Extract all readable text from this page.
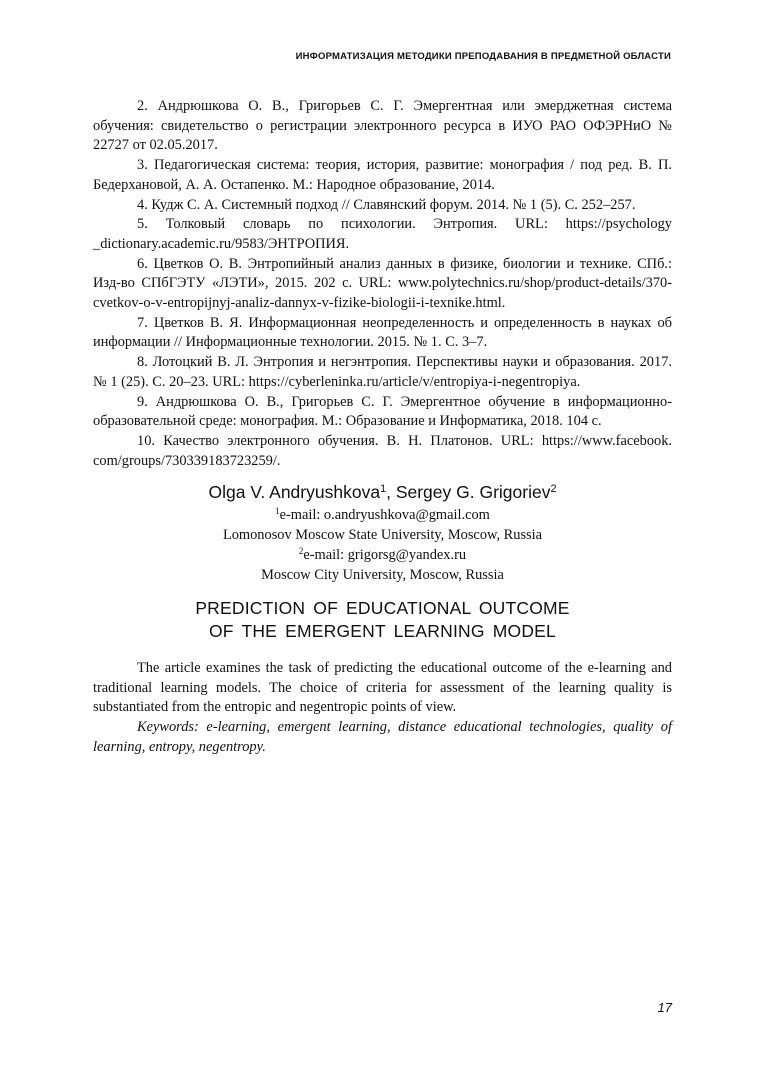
ИНФОРМАТИЗАЦИЯ МЕТОДИКИ ПРЕПОДАВАНИЯ В ПРЕДМЕТНОЙ ОБЛАСТИ
2. Андрюшкова О. В., Григорьев С. Г. Эмергентная или эмерджетная система обучения: свидетельство о регистрации электронного ресурса в ИУО РАО ОФЭРНиО № 22727 от 02.05.2017.
3. Педагогическая система: теория, история, развитие: монография / под ред. В. П. Бедерхановой, А. А. Остапенко. М.: Народное образование, 2014.
4. Кудж С. А. Системный подход // Славянский форум. 2014. № 1 (5). С. 252–257.
5. Толковый словарь по психологии. Энтропия. URL: https://psychology _dictionary.academic.ru/9583/ЭНТРОПИЯ.
6. Цветков О. В. Энтропийный анализ данных в физике, биологии и технике. СПб.: Изд-во СПбГЭТУ «ЛЭТИ», 2015. 202 с. URL: www.polytechnics.ru/shop/product-details/370-cvetkov-o-v-entropijnyj-analiz-dannyx-v-fizike-biologii-i-texnike.html.
7. Цветков В. Я. Информационная неопределенность и определенность в науках об информации // Информационные технологии. 2015. № 1. С. 3–7.
8. Лотоцкий В. Л. Энтропия и негэнтропия. Перспективы науки и образования. 2017. № 1 (25). С. 20–23. URL: https://cyberleninka.ru/article/v/entropiya-i-negentropiya.
9. Андрюшкова О. В., Григорьев С. Г. Эмергентное обучение в информационно-образовательной среде: монография. М.: Образование и Информатика, 2018. 104 с.
10. Качество электронного обучения. В. Н. Платонов. URL: https://www.facebook. com/groups/730339183723259/.
Olga V. Andryushkova$^1$, Sergey G. Grigoriev$^2$
$^1$e-mail: o.andryushkova@gmail.com
Lomonosov Moscow State University, Moscow, Russia
$^2$e-mail: grigorsg@yandex.ru
Moscow City University, Moscow, Russia
PREDICTION OF EDUCATIONAL OUTCOME
OF THE EMERGENT LEARNING MODEL

The article examines the task of predicting the educational outcome of the e-learning and traditional learning models. The choice of criteria for assessment of the learning quality is substantiated from the entropic and negentropic points of view.

Keywords: e-learning, emergent learning, distance educational technologies, quality of learning, entropy, negentropy.

17
